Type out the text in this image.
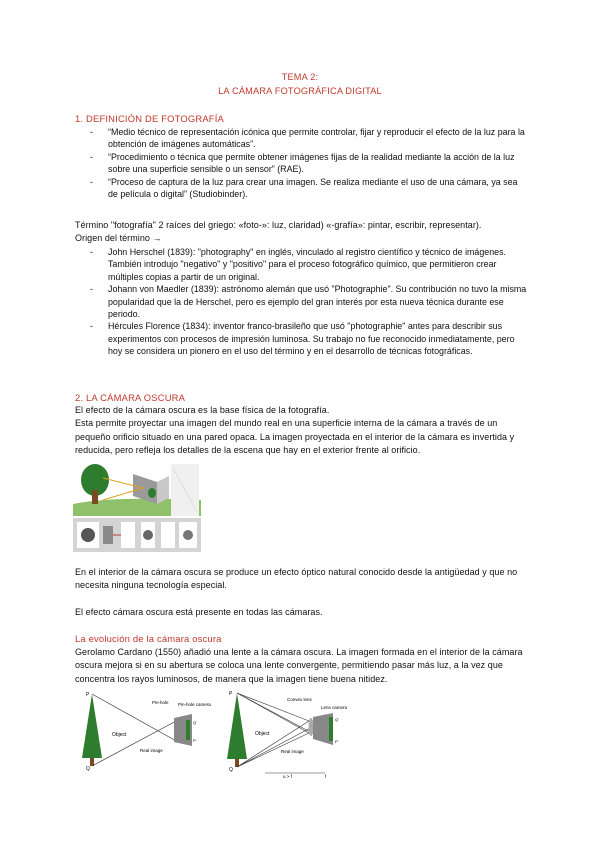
TEMA 2:
LA CÁMARA FOTOGRÁFICA DIGITAL
1. DEFINICIÓN DE FOTOGRAFÍA
- “Medio técnico de representación icónica que permite controlar, fijar y reproducir el efecto de la luz para la obtención de imágenes automáticas”.
- “Procedimiento o técnica que permite obtener imágenes fijas de la realidad mediante la acción de la luz sobre una superficie sensible o un sensor” (RAE).
- “Proceso de captura de la luz para crear una imagen. Se realiza mediante el uso de una cámara, ya sea de película o digital” (Studiobinder).
Término "fotografía" 2 raíces del griego: «foto-»: luz, claridad) «-grafía»: pintar, escribir, representar).
Origen del término →
- John Herschel (1839): "photography" en inglés, vinculado al registro científico y técnico de imágenes. También introdujo "negativo" y "positivo" para el proceso fotográfico químico, que permitieron crear múltiples copias a partir de un original.
- Johann von Maedler (1839): astrónomo alemán que usó "Photographie". Su contribución no tuvo la misma popularidad que la de Herschel, pero es ejemplo del gran interés por esta nueva técnica durante ese periodo.
- Hércules Florence (1834): inventor franco-brasileño que usó "photographie" antes para describir sus experimentos con procesos de impresión luminosa. Su trabajo no fue reconocido inmediatamente, pero hoy se considera un pionero en el uso del término y en el desarrollo de técnicas fotográficas.
2. LA CÁMARA OSCURA
El efecto de la cámara oscura es la base física de la fotografía.
Esta permite proyectar una imagen del mundo real en una superficie interna de la cámara a través de un pequeño orificio situado en una pared opaca. La imagen proyectada en el interior de la cámara es invertida y reducida, pero refleja los detalles de la escena que hay en el exterior frente al orificio.
En el interior de la cámara oscura se produce un efecto óptico natural conocido desde la antigüedad y que no necesita ninguna tecnología especial.
El efecto cámara oscura está presente en todas las cámaras.
La evolución de la cámara oscura
Gerolamo Cardano (1550) añadió una lente a la cámara oscura. La imagen formada en el interior de la cámara oscura mejora si en su abertura se coloca una lente convergente, permitiendo pasar más luz, a la vez que concentra los rayos luminosos, de manera que la imagen tiene buena nitidez.
P
Q
Pin-hole Pin-hole camera
Object
Real image
Q'
P'
P
Q
Convex lens
Lens camera
Object
Real image
Q'
P'
u > f	f
